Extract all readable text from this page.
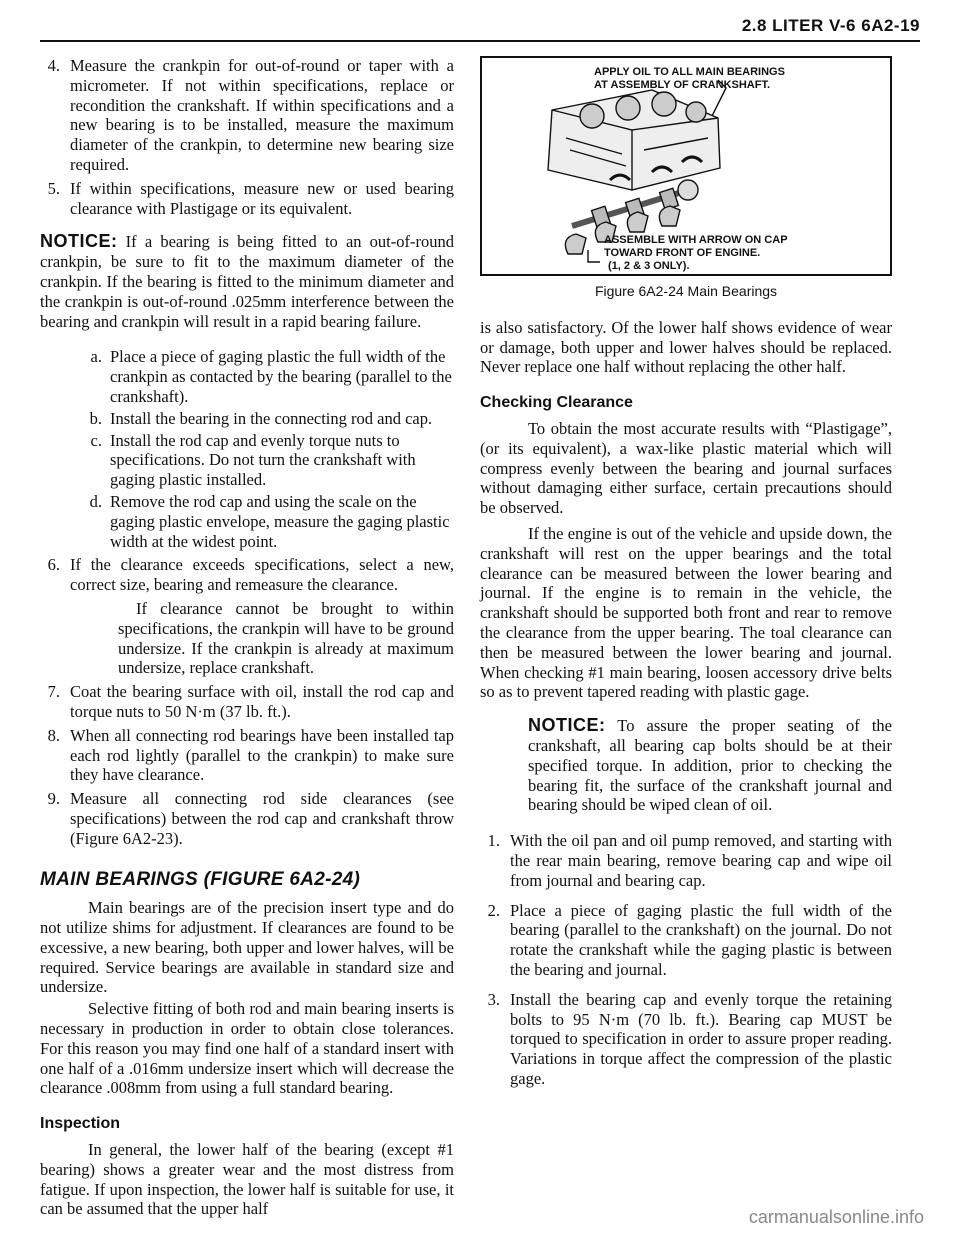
2.8 LITER V-6 6A2-19
4. Measure the crankpin for out-of-round or taper with a micrometer. If not within specifications, replace or recondition the crankshaft. If within specifications and a new bearing is to be installed, measure the maximum diameter of the crankpin, to determine new bearing size required.
5. If within specifications, measure new or used bearing clearance with Plastigage or its equivalent.

NOTICE: If a bearing is being fitted to an out-of-round crankpin, be sure to fit to the maximum diameter of the crankpin. If the bearing is fitted to the minimum diameter and the crankpin is out-of-round .025mm interference between the bearing and crankpin will result in a rapid bearing failure.

a. Place a piece of gaging plastic the full width of the crankpin as contacted by the bearing (parallel to the crankshaft).
b. Install the bearing in the connecting rod and cap.
c. Install the rod cap and evenly torque nuts to specifications. Do not turn the crankshaft with gaging plastic installed.
d. Remove the rod cap and using the scale on the gaging plastic envelope, measure the gaging plastic width at the widest point.
6. If the clearance exceeds specifications, select a new, correct size, bearing and remeasure the clearance.

If clearance cannot be brought to within specifications, the crankpin will have to be ground undersize. If the crankpin is already at maximum undersize, replace crankshaft.

7. Coat the bearing surface with oil, install the rod cap and torque nuts to 50 N·m (37 lb. ft.).
8. When all connecting rod bearings have been installed tap each rod lightly (parallel to the crankpin) to make sure they have clearance.
9. Measure all connecting rod side clearances (see specifications) between the rod cap and crankshaft throw (Figure 6A2-23).
MAIN BEARINGS (FIGURE 6A2-24)

Main bearings are of the precision insert type and do not utilize shims for adjustment. If clearances are found to be excessive, a new bearing, both upper and lower halves, will be required. Service bearings are available in standard size and undersize.

Selective fitting of both rod and main bearing inserts is necessary in production in order to obtain close tolerances. For this reason you may find one half of a standard insert with one half of a .016mm undersize insert which will decrease the clearance .008mm from using a full standard bearing.

Inspection

In general, the lower half of the bearing (except #1 bearing) shows a greater wear and the most distress from fatigue. If upon inspection, the lower half is suitable for use, it can be assumed that the upper half

APPLY OIL TO ALL MAIN BEARINGS
AT ASSEMBLY OF CRANKSHAFT.
ASSEMBLE WITH ARROW ON CAP
TOWARD FRONT OF ENGINE.
(1, 2 & 3 ONLY).
Figure 6A2-24 Main Bearings

is also satisfactory. Of the lower half shows evidence of wear or damage, both upper and lower halves should be replaced. Never replace one half without replacing the other half.

Checking Clearance

To obtain the most accurate results with “Plastigage”, (or its equivalent), a wax-like plastic material which will compress evenly between the bearing and journal surfaces without damaging either surface, certain precautions should be observed.

If the engine is out of the vehicle and upside down, the crankshaft will rest on the upper bearings and the total clearance can be measured between the lower bearing and journal. If the engine is to remain in the vehicle, the crankshaft should be supported both front and rear to remove the clearance from the upper bearing. The toal clearance can then be measured between the lower bearing and journal. When checking #1 main bearing, loosen accessory drive belts so as to prevent tapered reading with plastic gage.

NOTICE: To assure the proper seating of the crankshaft, all bearing cap bolts should be at their specified torque. In addition, prior to checking the bearing fit, the surface of the crankshaft journal and bearing should be wiped clean of oil.

1. With the oil pan and oil pump removed, and starting with the rear main bearing, remove bearing cap and wipe oil from journal and bearing cap.
2. Place a piece of gaging plastic the full width of the bearing (parallel to the crankshaft) on the journal. Do not rotate the crankshaft while the gaging plastic is between the bearing and journal.
3. Install the bearing cap and evenly torque the retaining bolts to 95 N·m (70 lb. ft.). Bearing cap MUST be torqued to specification in order to assure proper reading. Variations in torque affect the compression of the plastic gage.
carmanualsonline.info
